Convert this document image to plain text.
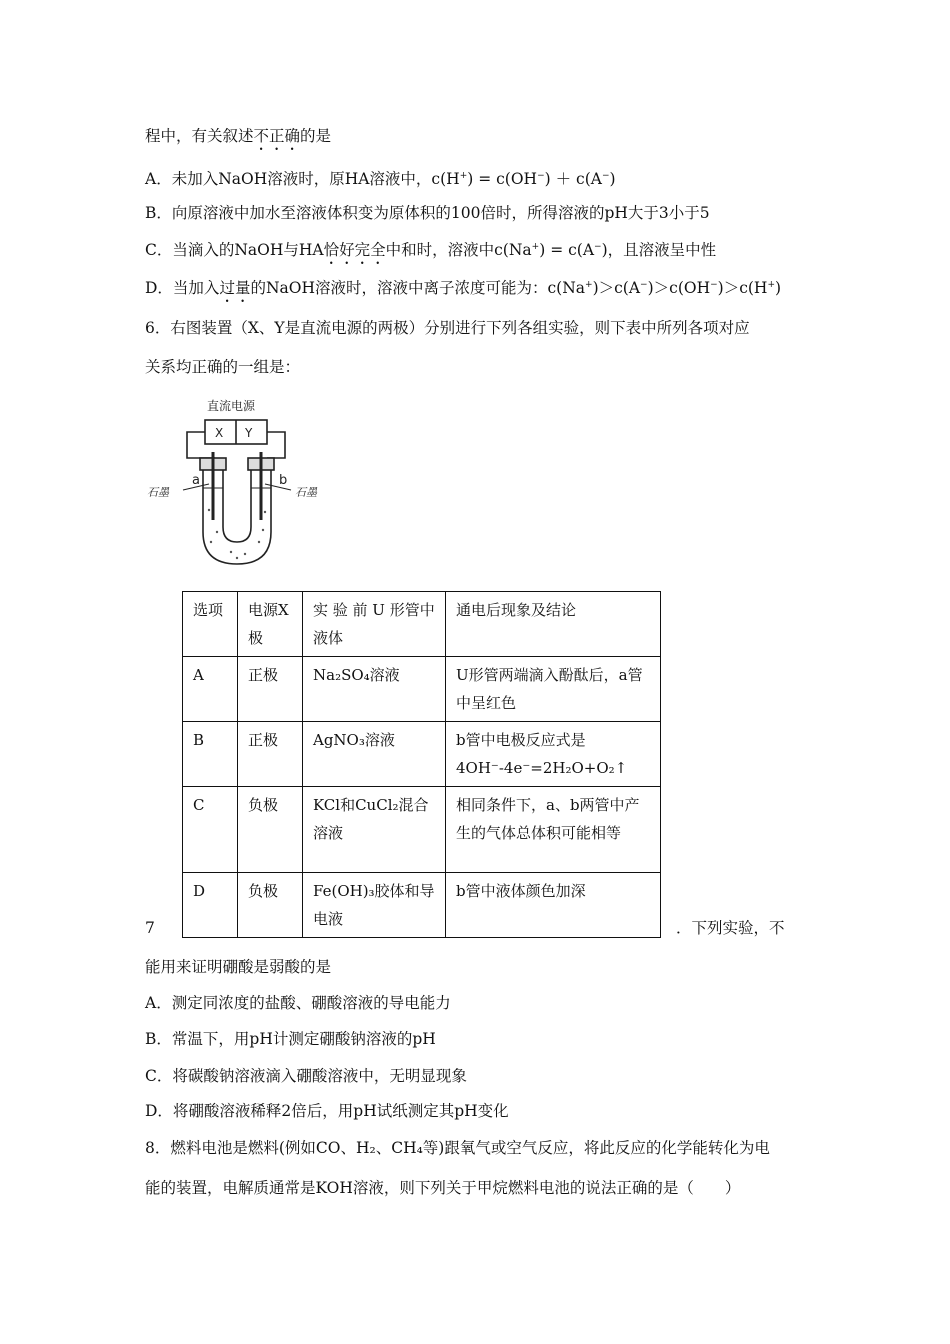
程中，有关叙述不正确的是
A．未加入NaOH溶液时，原HA溶液中，c(H+) = c(OH−) ＋ c(A−)
B．向原溶液中加水至溶液体积变为原体积的100倍时，所得溶液的pH大于3小于5
C．当滴入的NaOH与HA恰好完全中和时，溶液中c(Na+) = c(A−)，且溶液呈中性
D．当加入过量的NaOH溶液时，溶液中离子浓度可能为：c(Na+)＞c(A−)＞c(OH−)＞c(H+)
6．右图装置（X、Y是直流电源的两极）分别进行下列各组实验，则下表中所列各项对应
关系均正确的一组是：
直流电源
X Y
a	b
石墨	石墨
选项	电源X极	实 验 前 U 形管中液体	通电后现象及结论
A	正极	Na₂SO₄溶液	U形管两端滴入酚酞后，a管中呈红色
B	正极	AgNO₃溶液	b管中电极反应式是 4OH⁻-4e⁻=2H₂O+O₂↑
C	负极	KCl和CuCl₂混合溶液	相同条件下，a、b两管中产生的气体总体积可能相等
D	负极	Fe(OH)₃胶体和导电液	b管中液体颜色加深
7	．下列实验，不
能用来证明硼酸是弱酸的是
A．测定同浓度的盐酸、硼酸溶液的导电能力
B．常温下，用pH计测定硼酸钠溶液的pH
C．将碳酸钠溶液滴入硼酸溶液中，无明显现象
D．将硼酸溶液稀释2倍后，用pH试纸测定其pH变化
8．燃料电池是燃料(例如CO、H₂、CH₄等)跟氧气或空气反应，将此反应的化学能转化为电
能的装置，电解质通常是KOH溶液，则下列关于甲烷燃料电池的说法正确的是（　　）
